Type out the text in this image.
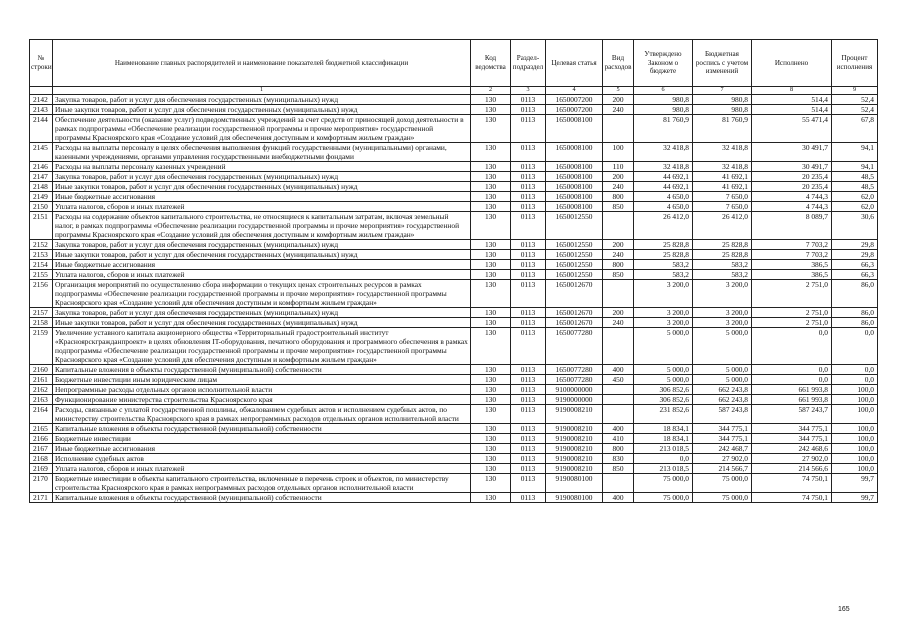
№ строки	Наименование главных распорядителей и наименование показателей бюджетной классификации	Код ведомства	Раздел-подраздел	Целевая статья	Вид расходов	Утверждено Законом о бюджете	Бюджетная роспись с учетом изменений	Исполнено	Процент исполнения
	1	2	3	4	5	6	7	8	9
2142	Закупка товаров, работ и услуг для обеспечения государственных (муниципальных) нужд	130	0113	1650007200	200	980,8	980,8	514,4	52,4
2143	Иные закупки товаров, работ и услуг для обеспечения государственных (муниципальных) нужд	130	0113	1650007200	240	980,8	980,8	514,4	52,4
2144	Обеспечение деятельности (оказание услуг) подведомственных учреждений за счет средств от приносящей доход деятельности в рамках подпрограммы «Обеспечение реализации государственной программы и прочие мероприятия» государственной программы Красноярского края «Создание условий для обеспечения доступным и комфортным жильем граждан»	130	0113	1650008100		81 760,9	81 760,9	55 471,4	67,8
2145	Расходы на выплаты персоналу в целях обеспечения выполнения функций государственными (муниципальными) органами, казенными учреждениями, органами управления государственными внебюджетными фондами	130	0113	1650008100	100	32 418,8	32 418,8	30 491,7	94,1
2146	Расходы на выплаты персоналу казенных учреждений	130	0113	1650008100	110	32 418,8	32 418,8	30 491,7	94,1
2147	Закупка товаров, работ и услуг для обеспечения государственных (муниципальных) нужд	130	0113	1650008100	200	44 692,1	41 692,1	20 235,4	48,5
2148	Иные закупки товаров, работ и услуг для обеспечения государственных (муниципальных) нужд	130	0113	1650008100	240	44 692,1	41 692,1	20 235,4	48,5
2149	Иные бюджетные ассигнования	130	0113	1650008100	800	4 650,0	7 650,0	4 744,3	62,0
2150	Уплата налогов, сборов и иных платежей	130	0113	1650008100	850	4 650,0	7 650,0	4 744,3	62,0
2151	Расходы на содержание объектов капитального строительства, не относящиеся к капитальным затратам, включая земельный налог, в рамках подпрограммы «Обеспечение реализации государственной программы и прочие мероприятия» государственной программы Красноярского края «Создание условий для обеспечения доступным и комфортным жильем граждан»	130	0113	1650012550		26 412,0	26 412,0	8 089,7	30,6
2152	Закупка товаров, работ и услуг для обеспечения государственных (муниципальных) нужд	130	0113	1650012550	200	25 828,8	25 828,8	7 703,2	29,8
2153	Иные закупки товаров, работ и услуг для обеспечения государственных (муниципальных) нужд	130	0113	1650012550	240	25 828,8	25 828,8	7 703,2	29,8
2154	Иные бюджетные ассигнования	130	0113	1650012550	800	583,2	583,2	386,5	66,3
2155	Уплата налогов, сборов и иных платежей	130	0113	1650012550	850	583,2	583,2	386,5	66,3
2156	Организация мероприятий по осуществлению сбора информации о текущих ценах строительных ресурсов в рамках подпрограммы «Обеспечение реализации государственной программы и прочие мероприятия» государственной программы Красноярского края «Создание условий для обеспечения доступным и комфортным жильем граждан»	130	0113	1650012670		3 200,0	3 200,0	2 751,0	86,0
2157	Закупка товаров, работ и услуг для обеспечения государственных (муниципальных) нужд	130	0113	1650012670	200	3 200,0	3 200,0	2 751,0	86,0
2158	Иные закупки товаров, работ и услуг для обеспечения государственных (муниципальных) нужд	130	0113	1650012670	240	3 200,0	3 200,0	2 751,0	86,0
2159	Увеличение уставного капитала акционерного общества «Территориальный градостроительный институт «Красноярскгражданпроект» в целях обновления IT-оборудования, печатного оборудования и программного обеспечения в рамках подпрограммы «Обеспечение реализации государственной программы и прочие мероприятия» государственной программы Красноярского края «Создание условий для обеспечения доступным и комфортным жильем граждан»	130	0113	1650077280		5 000,0	5 000,0	0,0	0,0
2160	Капитальные вложения в объекты государственной (муниципальной) собственности	130	0113	1650077280	400	5 000,0	5 000,0	0,0	0,0
2161	Бюджетные инвестиции иным юридическим лицам	130	0113	1650077280	450	5 000,0	5 000,0	0,0	0,0
2162	Непрограммные расходы отдельных органов исполнительной власти	130	0113	9100000000		306 852,6	662 243,8	661 993,8	100,0
2163	Функционирование министерства строительства Красноярского края	130	0113	9190000000		306 852,6	662 243,8	661 993,8	100,0
2164	Расходы, связанные с уплатой государственной пошлины, обжалованием судебных актов и исполнением судебных актов, по министерству строительства Красноярского края в рамках непрограммных расходов отдельных органов исполнительной власти	130	0113	9190008210		231 852,6	587 243,8	587 243,7	100,0
2165	Капитальные вложения в объекты государственной (муниципальной) собственности	130	0113	9190008210	400	18 834,1	344 775,1	344 775,1	100,0
2166	Бюджетные инвестиции	130	0113	9190008210	410	18 834,1	344 775,1	344 775,1	100,0
2167	Иные бюджетные ассигнования	130	0113	9190008210	800	213 018,5	242 468,7	242 468,6	100,0
2168	Исполнение судебных актов	130	0113	9190008210	830	0,0	27 902,0	27 902,0	100,0
2169	Уплата налогов, сборов и иных платежей	130	0113	9190008210	850	213 018,5	214 566,7	214 566,6	100,0
2170	Бюджетные инвестиции в объекты капитального строительства, включенные в перечень строек и объектов, по министерству строительства Красноярского края в рамках непрограммных расходов отдельных органов исполнительной власти	130	0113	9190080100		75 000,0	75 000,0	74 750,1	99,7
2171	Капитальные вложения в объекты государственной (муниципальной) собственности	130	0113	9190080100	400	75 000,0	75 000,0	74 750,1	99,7
165
